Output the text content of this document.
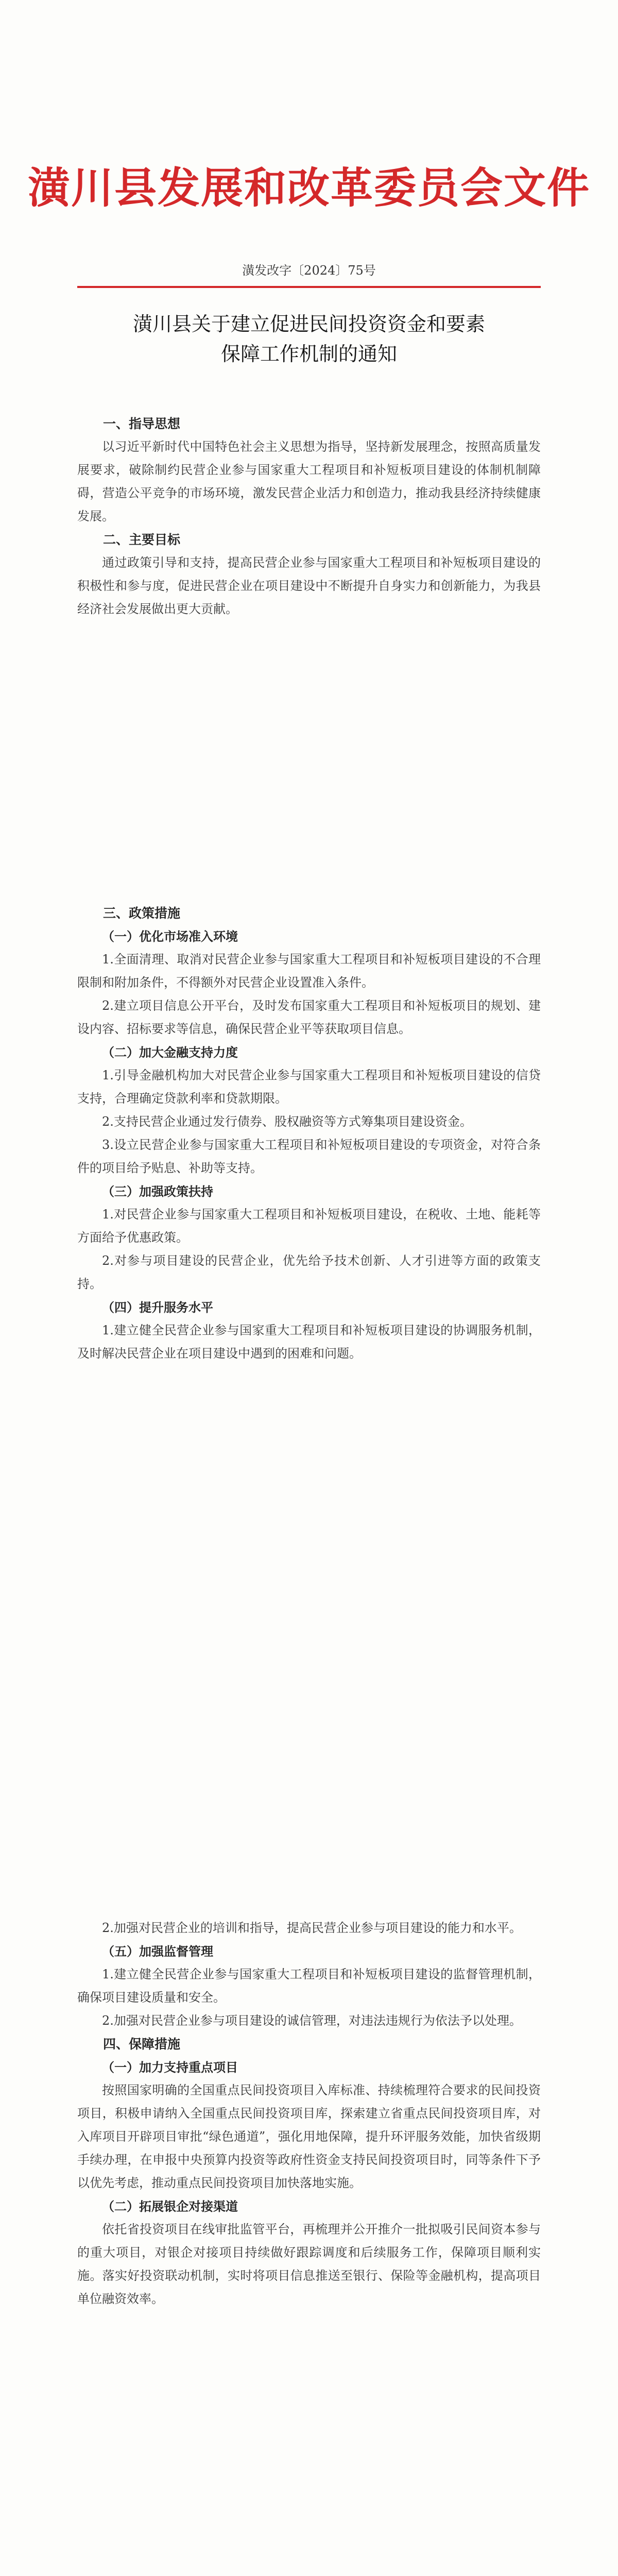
潢川县发展和改革委员会文件
潢发改字〔2024〕75号
潢川县关于建立促进民间投资资金和要素
保障工作机制的通知
一、指导思想

以习近平新时代中国特色社会主义思想为指导，坚持新发展理念，按照高质量发展要求，破除制约民营企业参与国家重大工程项目和补短板项目建设的体制机制障碍，营造公平竞争的市场环境，激发民营企业活力和创造力，推动我县经济持续健康发展。

二、主要目标

通过政策引导和支持，提高民营企业参与国家重大工程项目和补短板项目建设的积极性和参与度，促进民营企业在项目建设中不断提升自身实力和创新能力，为我县经济社会发展做出更大贡献。

三、政策措施
（一）优化市场准入环境

1.全面清理、取消对民营企业参与国家重大工程项目和补短板项目建设的不合理限制和附加条件，不得额外对民营企业设置准入条件。

2.建立项目信息公开平台，及时发布国家重大工程项目和补短板项目的规划、建设内容、招标要求等信息，确保民营企业平等获取项目信息。

（二）加大金融支持力度

1.引导金融机构加大对民营企业参与国家重大工程项目和补短板项目建设的信贷支持，合理确定贷款利率和贷款期限。

2.支持民营企业通过发行债券、股权融资等方式筹集项目建设资金。

3.设立民营企业参与国家重大工程项目和补短板项目建设的专项资金，对符合条件的项目给予贴息、补助等支持。

（三）加强政策扶持

1.对民营企业参与国家重大工程项目和补短板项目建设，在税收、土地、能耗等方面给予优惠政策。

2.对参与项目建设的民营企业，优先给予技术创新、人才引进等方面的政策支持。

（四）提升服务水平

1.建立健全民营企业参与国家重大工程项目和补短板项目建设的协调服务机制，及时解决民营企业在项目建设中遇到的困难和问题。

2.加强对民营企业的培训和指导，提高民营企业参与项目建设的能力和水平。

（五）加强监督管理

1.建立健全民营企业参与国家重大工程项目和补短板项目建设的监督管理机制，确保项目建设质量和安全。

2.加强对民营企业参与项目建设的诚信管理，对违法违规行为依法予以处理。

四、保障措施
（一）加力支持重点项目

按照国家明确的全国重点民间投资项目入库标准、持续梳理符合要求的民间投资项目，积极申请纳入全国重点民间投资项目库，探索建立省重点民间投资项目库，对入库项目开辟项目审批“绿色通道”，强化用地保障，提升环评服务效能，加快省级期手续办理，在申报中央预算内投资等政府性资金支持民间投资项目时，同等条件下予以优先考虑，推动重点民间投资项目加快落地实施。

（二）拓展银企对接渠道

依托省投资项目在线审批监管平台，再梳理并公开推介一批拟吸引民间资本参与的重大项目，对银企对接项目持续做好跟踪调度和后续服务工作，保障项目顺利实施。落实好投资联动机制，实时将项目信息推送至银行、保险等金融机构，提高项目单位融资效率。
